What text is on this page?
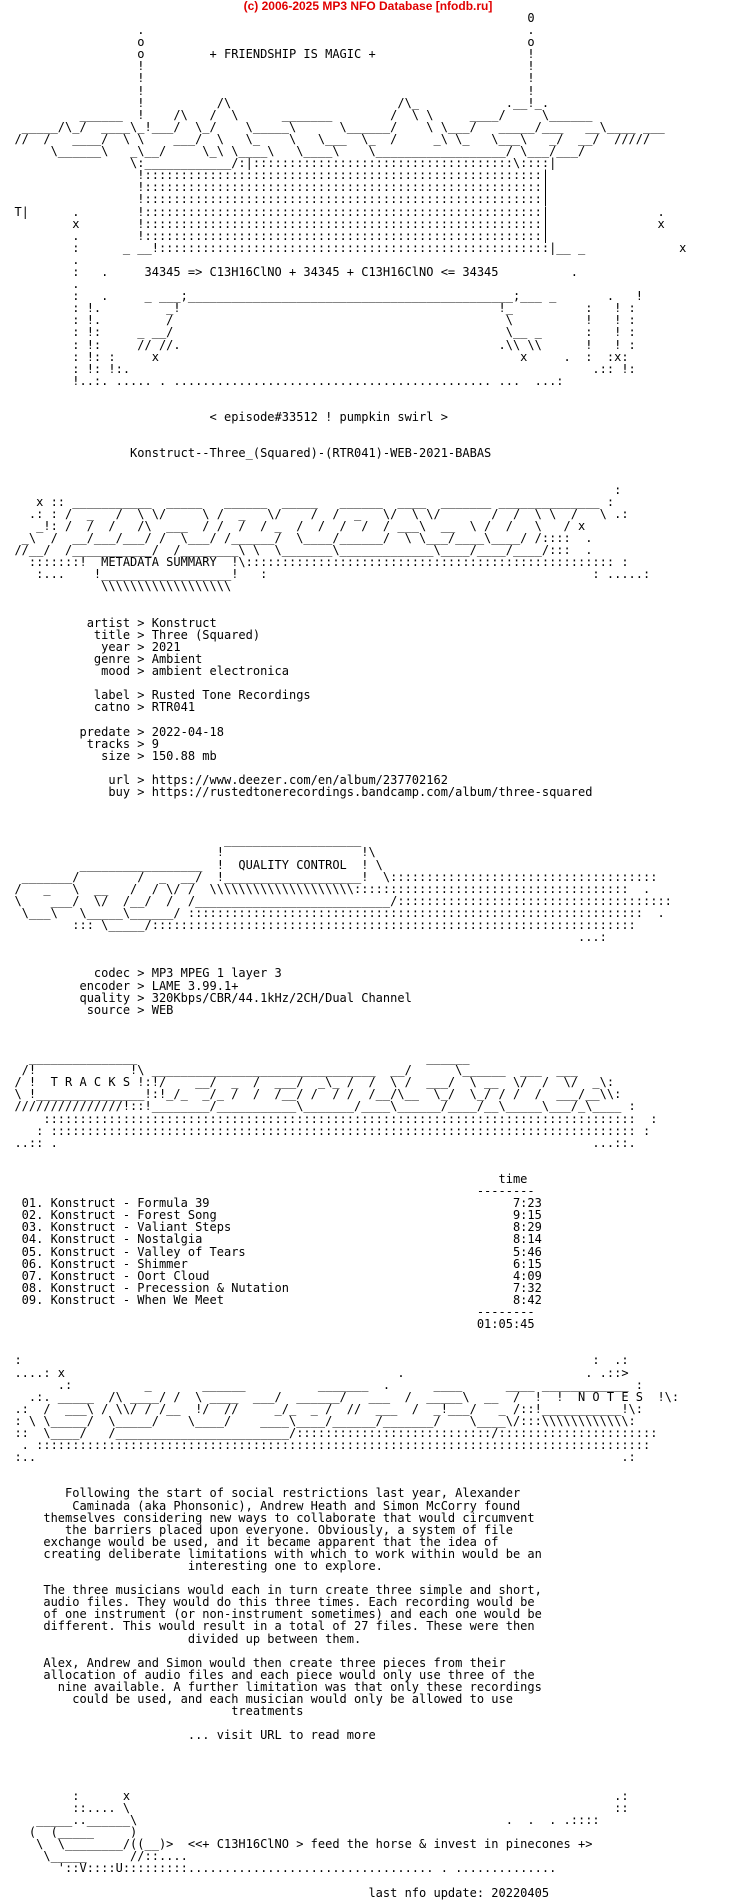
(c) 2006-2025 MP3 NFO Database [nfodb.ru]
0
.                                                     .
o                                                     o
o         + FRIENDSHIP IS MAGIC +                     !
!                                                     !
!                                                     !
!                                                     !
!          /\                       /\_            .__!_.
______  !    /\   /  \      _______        /  \ \     ____/     \______
_____/\_/  ____\_!___/  \_/    \_____\      \______/    \ \___/   _____/___   __\____ ___
//  /   ____/  \ \    ___/  \   \_    \   \___  \_  /     _\ \_   \___\   _/  __/  /////
\______\   _\__/     \_\ \____\   \____\    \__________________/ \___/___/
\:____________/:|::::::::::::::::::::::::::::::::::::\::::|
!:::::::::::::::::::::::::::::::::::::::::::::::::::::::|
!:::::::::::::::::::::::::::::::::::::::::::::::::::::::|
!:::::::::::::::::::::::::::::::::::::::::::::::::::::::|
T|      .        !:::::::::::::::::::::::::::::::::::::::::::::::::::::::|               .
x        !:::::::::::::::::::::::::::::::::::::::::::::::::::::::|               x
.        !:::::::::::::::::::::::::::::::::::::::::::::::::::::::|
:      _ __!::::::::::::::::::::::::::::::::::::::::::::::::::::::|__ _             x
.
:   .     34345 => C13H16ClNO + 34345 + C13H16ClNO <= 34345          .
.
:   .     _ ___;_____________________________________________;___ _       .   !
: !.         _!                                            !_          :   ! :
: !.         /                                              \          !   ! :
: !:     _ __/                                              \__ _      :   ! :
: !:     // //.                                            .\\ \\      !   ! :
: !: :     x                                                  x     .  :  :x:
: !: !:.                                                                .:: !:
!..:. ..... . ............................................ ...  ...:
< episode#33512 ! pumpkin swirl >
Konstruct--Three_(Squared)-(RTR041)-WEB-2021-BABAS
:
x :: ___________  _____   ______  _____   ______  ____  _______ ______________ :
.: : /  _   /  \ \/     \ /  _   \/    /  /  _   \/  \ \/       /  /  \ \  /   \ .:
_!: /  /  /   /\  ___  / /  /  / _  /  /  /  /  / ___\  __  \ /  /   \   / x
_\  /  __/___/___/ /  \___/ /______/  \____/______/  \ \___/____\____/ /::::  .
//__/  /___________/  /________\ \  \_______\_____________\____/____/____/:::  .
:::::::!  METADATA SUMMARY  !\::::::::::::::::::::::::::::::::::::::::::::::::::: :
:...    !__________________!   :                                             : .....:
\\\\\\\\\\\\\\\\\\
artist > Konstruct
title > Three (Squared)
year > 2021
genre > Ambient
mood > ambient electronica
label > Rusted Tone Recordings
catno > RTR041
predate > 2022-04-18
tracks > 9
size > 150.88 mb
url > https://www.deezer.com/en/album/237702162
buy > https://rustedtonerecordings.bandcamp.com/album/three-squared
___________________
!                   !\
_________________  !  QUALITY CONTROL  ! \
_______/        /  _  __/  !___________________!  \:::::::::::::::::::::::::::::::::::::
/   _   \  __   /  / \/ /  \\\\\\\\\\\\\\\\\\\\::::::::::::::::::::::::::::::::::::::  .
\    ___/  \/  /__/  /  /___________________________/::::::::::::::::::::::::::::::::::::::
\___\   \_____\______/ :::::::::::::::::::::::::::::::::::::::::::::::::::::::::::::::  .
::: \_____/:::::::::::::::::::::::::::::::::::::::::::::::::::::::::::::::::::
...:
codec > MP3 MPEG 1 layer 3
encoder > LAME 3.99.1+
quality > 320Kbps/CBR/44.1kHz/2CH/Dual Channel
source > WEB
_______________                                        ______
/!             !\ _______________________________  __/      \______  ___  ___
/ !  T R A C K S !:!/    __/  _  /  ___/  _\_ /  /  \ /  ___/  \ __  \/  /  \/  _\:
\ !_______________!:!_/_  _/_ /  /  /__/ /  / /  /__/\__  \_/  \_/ / /  /  ___/__\\:
///////////////!::!________/___________\_______/____\______/____/__\_____\___/_\____ :
::::::::::::::::::::::::::::::::::::::::::::::::::::::::::::::::::::::::::::::::::  :
: ::::::::::::::::::::::::::::::::::::::::::::::::::::::::::::::::::::::::::::::::: :
..:: .                                                                          ...::.
time
--------
01. Konstruct - Formula 39                                          7:23
02. Konstruct - Forest Song                                         9:15
03. Konstruct - Valiant Steps                                       8:29
04. Konstruct - Nostalgia                                           8:14
05. Konstruct - Valley of Tears                                     5:46
06. Konstruct - Shimmer                                             6:15
07. Konstruct - Oort Cloud                                          4:09
08. Konstruct - Precession & Nutation                               7:32
09. Konstruct - When We Meet                                        8:42
--------
01:05:45
:                                                                               :  .:
....: x                                              .                         . .::>
.:          _       ______          _______  .      ____      ____ ____________ :
.:. _____  /\ ____/ /  \ ____  ___/  ______/   ___  /  _____\  __  /  !  !  N O T E S  !\:
.:  /  ___\ / \\/ / /__  !/  //     _/_  _ /  //  ___  /  _!___/   _ /::!___________!\:
: \ \_____/  \_____/    \____/    ____\____/______/_______/    \____\/:::\\\\\\\\\\\\:
::  \____/   /________________________/:::::::::::::::::::::::::::/::::::::::::::::::::::
. :::::::::::::::::::::::::::::::::::::::::::::::::::::::::::::::::::::::::::::::::::::
:..                                                                                 .:
Following the start of social restrictions last year, Alexander
Caminada (aka Phonsonic), Andrew Heath and Simon McCorry found
themselves considering new ways to collaborate that would circumvent
the barriers placed upon everyone. Obviously, a system of file
exchange would be used, and it became apparent that the idea of
creating deliberate limitations with which to work within would be an
interesting one to explore.
The three musicians would each in turn create three simple and short,
audio files. They would do this three times. Each recording would be
of one instrument (or non-instrument sometimes) and each one would be
different. This would result in a total of 27 files. These were then
divided up between them.
Alex, Andrew and Simon would then create three pieces from their
allocation of audio files and each piece would only use three of the
nine available. A further limitation was that only these recordings
could be used, and each musician would only be allowed to use
treatments
... visit URL to read more
:      x                                                                   .:
::.... \                                                                   ::
_____..______\                                                   .  .  . .::::
(  (_____     )
\  \________/((__)>  <<+ C13H16ClNO > feed the horse & invest in pinecones +>
\_____      //::....
'::V::::U:::::::::.................................. . ..............
last nfo update: 20220405
